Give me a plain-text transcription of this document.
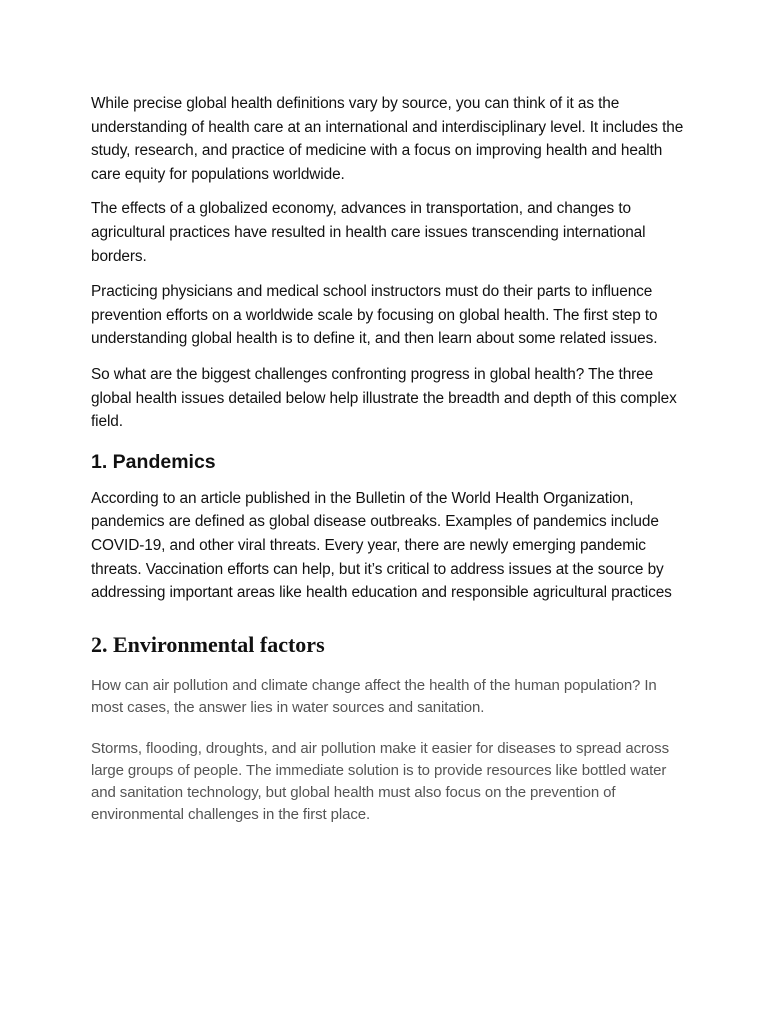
While precise global health definitions vary by source, you can think of it as the understanding of health care at an international and interdisciplinary level. It includes the study, research, and practice of medicine with a focus on improving health and health care equity for populations worldwide.

The effects of a globalized economy, advances in transportation, and changes to agricultural practices have resulted in health care issues transcending international borders.

Practicing physicians and medical school instructors must do their parts to influence prevention efforts on a worldwide scale by focusing on global health. The first step to understanding global health is to define it, and then learn about some related issues.

So what are the biggest challenges confronting progress in global health? The three global health issues detailed below help illustrate the breadth and depth of this complex field.

1. Pandemics

According to an article published in the Bulletin of the World Health Organization, pandemics are defined as global disease outbreaks. Examples of pandemics include COVID-19, and other viral threats. Every year, there are newly emerging pandemic threats. Vaccination efforts can help, but it’s critical to address issues at the source by addressing important areas like health education and responsible agricultural practices

2. Environmental factors

How can air pollution and climate change affect the health of the human population? In most cases, the answer lies in water sources and sanitation.

Storms, flooding, droughts, and air pollution make it easier for diseases to spread across large groups of people. The immediate solution is to provide resources like bottled water and sanitation technology, but global health must also focus on the prevention of environmental challenges in the first place.
